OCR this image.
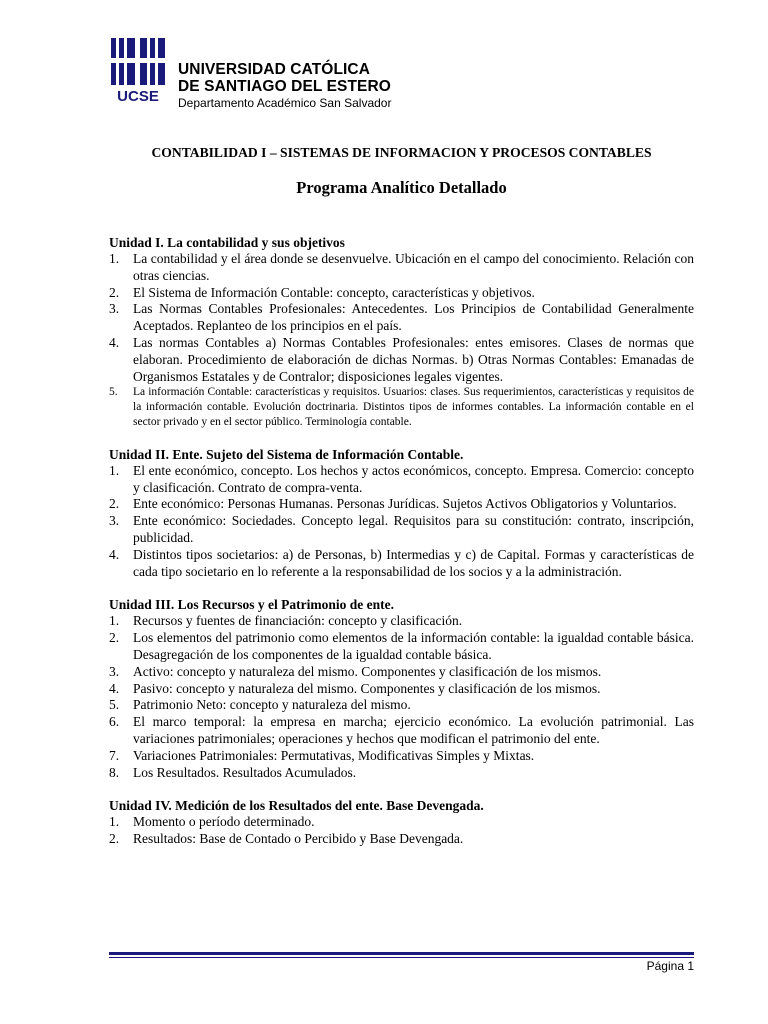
UCSE
UNIVERSIDAD CATÓLICA
DE SANTIAGO DEL ESTERO
Departamento Académico San Salvador
CONTABILIDAD I – SISTEMAS DE INFORMACION Y PROCESOS CONTABLES
Programa Analítico Detallado
Unidad I. La contabilidad y sus objetivos
1. La contabilidad y el área donde se desenvuelve. Ubicación en el campo del conocimiento. Relación con otras ciencias.
2. El Sistema de Información Contable: concepto, características y objetivos.
3. Las Normas Contables Profesionales: Antecedentes. Los Principios de Contabilidad Generalmente Aceptados. Replanteo de los principios en el país.
4. Las normas Contables a) Normas Contables Profesionales: entes emisores. Clases de normas que elaboran. Procedimiento de elaboración de dichas Normas. b) Otras Normas Contables: Emanadas de Organismos Estatales y de Contralor; disposiciones legales vigentes.
5. La información Contable: características y requisitos. Usuarios: clases. Sus requerimientos, características y requisitos de la información contable. Evolución doctrinaria. Distintos tipos de informes contables. La información contable en el sector privado y en el sector público. Terminología contable.
Unidad II. Ente. Sujeto del Sistema de Información Contable.
1. El ente económico, concepto. Los hechos y actos económicos, concepto. Empresa. Comercio: concepto y clasificación. Contrato de compra-venta.
2. Ente económico: Personas Humanas. Personas Jurídicas. Sujetos Activos Obligatorios y Voluntarios.
3. Ente económico: Sociedades. Concepto legal. Requisitos para su constitución: contrato, inscripción, publicidad.
4. Distintos tipos societarios: a) de Personas, b) Intermedias y c) de Capital. Formas y características de cada tipo societario en lo referente a la responsabilidad de los socios y a la administración.
Unidad III. Los Recursos y el Patrimonio de ente.
1. Recursos y fuentes de financiación: concepto y clasificación.
2. Los elementos del patrimonio como elementos de la información contable: la igualdad contable básica. Desagregación de los componentes de la igualdad contable básica.
3. Activo: concepto y naturaleza del mismo. Componentes y clasificación de los mismos.
4. Pasivo: concepto y naturaleza del mismo. Componentes y clasificación de los mismos.
5. Patrimonio Neto: concepto y naturaleza del mismo.
6. El marco temporal: la empresa en marcha; ejercicio económico. La evolución patrimonial. Las variaciones patrimoniales; operaciones y hechos que modifican el patrimonio del ente.
7. Variaciones Patrimoniales: Permutativas, Modificativas Simples y Mixtas.
8. Los Resultados. Resultados Acumulados.
Unidad IV. Medición de los Resultados del ente. Base Devengada.
1. Momento o período determinado.
2. Resultados: Base de Contado o Percibido y Base Devengada.
Página 1
